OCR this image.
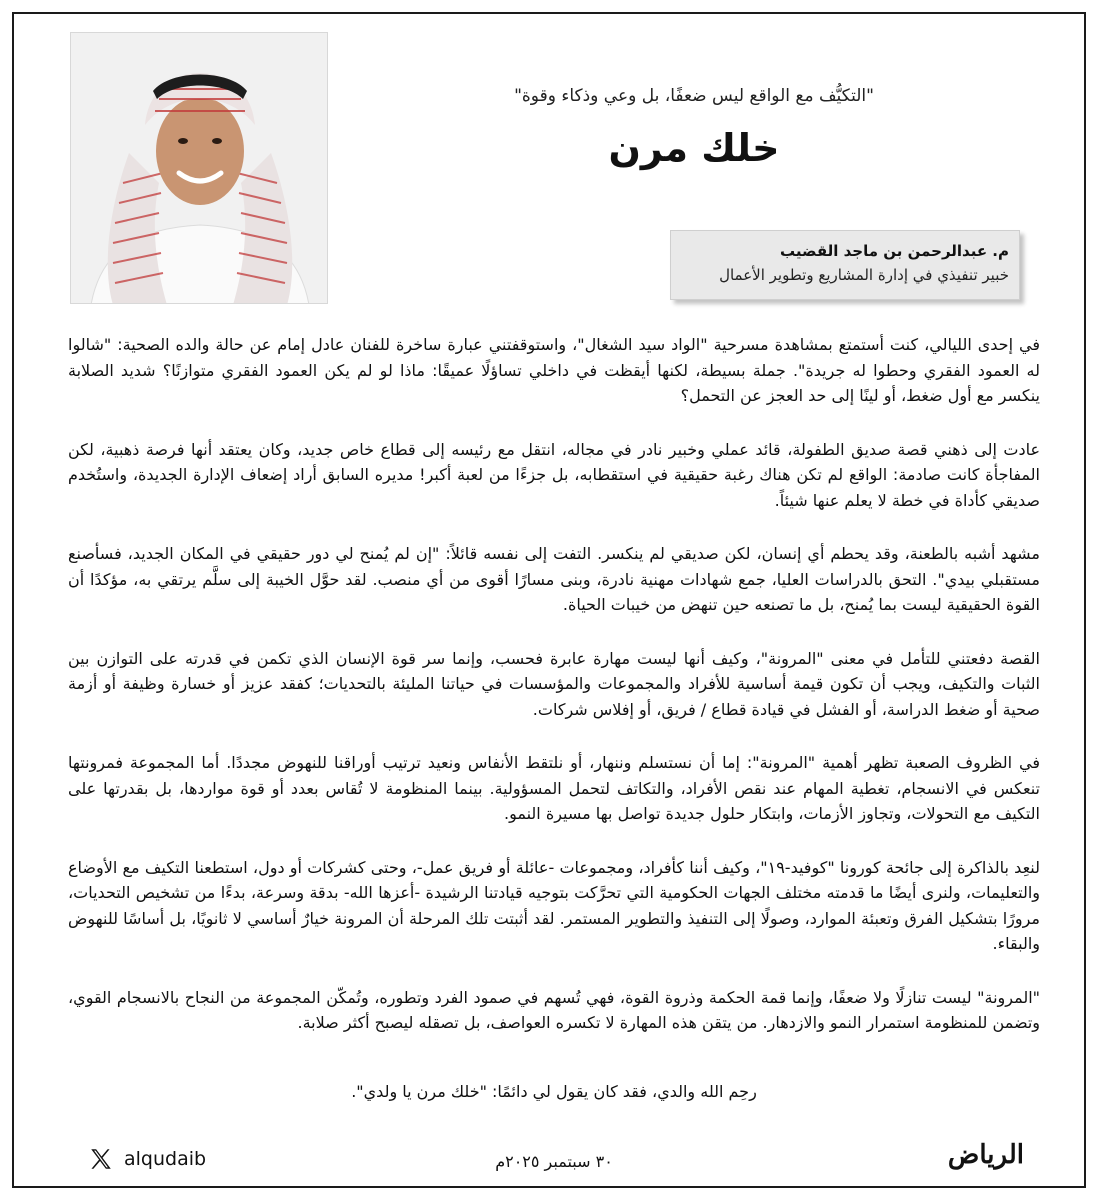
"التكيُّف مع الواقع ليس ضعفًا، بل وعي وذكاء وقوة"
خلك مرن
م. عبدالرحمن بن ماجد القضيب
خبير تنفيذي في إدارة المشاريع وتطوير الأعمال

في إحدى الليالي، كنت أستمتع بمشاهدة مسرحية "الواد سيد الشغال"، واستوقفتني عبارة ساخرة للفنان عادل إمام عن حالة والده الصحية: "شالوا له العمود الفقري وحطوا له جريدة". جملة بسيطة، لكنها أيقظت في داخلي تساؤلًا عميقًا: ماذا لو لم يكن العمود الفقري متوازنًا؟ شديد الصلابة ينكسر مع أول ضغط، أو لينًا إلى حد العجز عن التحمل؟

عادت إلى ذهني قصة صديق الطفولة، قائد عملي وخبير نادر في مجاله، انتقل مع رئيسه إلى قطاع خاص جديد، وكان يعتقد أنها فرصة ذهبية، لكن المفاجأة كانت صادمة: الواقع لم تكن هناك رغبة حقيقية في استقطابه، بل جزءًا من لعبة أكبر! مديره السابق أراد إضعاف الإدارة الجديدة، واستُخدم صديقي كأداة في خطة لا يعلم عنها شيئاً.

مشهد أشبه بالطعنة، وقد يحطم أي إنسان، لكن صديقي لم ينكسر. التفت إلى نفسه قائلاً: "إن لم يُمنح لي دور حقيقي في المكان الجديد، فسأصنع مستقبلي بيدي". التحق بالدراسات العليا، جمع شهادات مهنية نادرة، وبنى مسارًا أقوى من أي منصب. لقد حوَّل الخيبة إلى سلَّم يرتقي به، مؤكدًا أن القوة الحقيقية ليست بما يُمنح، بل ما تصنعه حين تنهض من خيبات الحياة.

القصة دفعتني للتأمل في معنى "المرونة"، وكيف أنها ليست مهارة عابرة فحسب، وإنما سر قوة الإنسان الذي تكمن في قدرته على التوازن بين الثبات والتكيف، ويجب أن تكون قيمة أساسية للأفراد والمجموعات والمؤسسات في حياتنا المليئة بالتحديات؛ كفقد عزيز أو خسارة وظيفة أو أزمة صحية أو ضغط الدراسة، أو الفشل في قيادة قطاع / فريق، أو إفلاس شركات.

في الظروف الصعبة تظهر أهمية "المرونة": إما أن نستسلم وننهار، أو نلتقط الأنفاس ونعيد ترتيب أوراقنا للنهوض مجددًا. أما المجموعة فمرونتها تنعكس في الانسجام، تغطية المهام عند نقص الأفراد، والتكاتف لتحمل المسؤولية. بينما المنظومة لا تُقاس بعدد أو قوة مواردها، بل بقدرتها على التكيف مع التحولات، وتجاوز الأزمات، وابتكار حلول جديدة تواصل بها مسيرة النمو.

لنعِد بالذاكرة إلى جائحة كورونا "كوفيد-١٩"، وكيف أننا كأفراد، ومجموعات -عائلة أو فريق عمل-، وحتى كشركات أو دول، استطعنا التكيف مع الأوضاع والتعليمات، ولنرى أيضًا ما قدمته مختلف الجهات الحكومية التي تحرَّكت بتوجيه قيادتنا الرشيدة -أعزها الله- بدقة وسرعة، بدءًا من تشخيص التحديات، مرورًا بتشكيل الفرق وتعبئة الموارد، وصولًا إلى التنفيذ والتطوير المستمر. لقد أثبتت تلك المرحلة أن المرونة خيارٌ أساسي لا ثانويًا، بل أساسًا للنهوض والبقاء.

"المرونة" ليست تنازلًا ولا ضعفًا، وإنما قمة الحكمة وذروة القوة، فهي تُسهم في صمود الفرد وتطوره، وتُمكّن المجموعة من النجاح بالانسجام القوي، وتضمن للمنظومة استمرار النمو والازدهار. من يتقن هذه المهارة لا تكسره العواصف، بل تصقله ليصبح أكثر صلابة.

رحِم الله والدي، فقد كان يقول لي دائمًا: "خلك مرن يا ولدي".
الرياض
٣٠ سبتمبر ٢٠٢٥م
alqudaib
